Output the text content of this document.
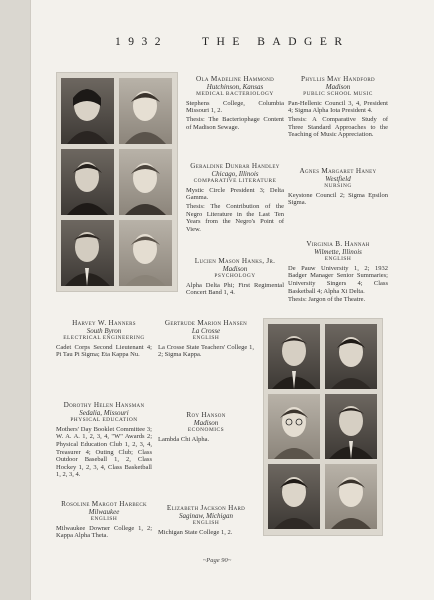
1932	THE BADGER
Ola Madeline Hammond
Hutchinson, Kansas
MEDICAL BACTERIOLOGY
Stephens College, Columbia Missouri 1, 2.
Thesis: The Bacteriophage Content of Madison Sewage.
Phyllis May Handford
Madison
PUBLIC SCHOOL MUSIC
Pan-Hellenic Council 3, 4, President 4; Sigma Alpha Iota President 4.
Thesis: A Comparative Study of Three Standard Approaches to the Teaching of Music Appreciation.
Geraldine Dunbar Handley
Chicago, Illinois
COMPARATIVE LITERATURE
Mystic Circle President 3; Delta Gamma.
Thesis: The Contribution of the Negro Literature in the Last Ten Years from the Negro's Point of View.
Agnes Margaret Haney
Westfield
NURSING
Keystone Council 2; Sigma Epsilon Sigma.
Lucien Mason Hanks, Jr.
Madison
PSYCHOLOGY
Alpha Delta Phi; First Regimental Concert Band 1, 4.
Virginia B. Hannah
Wilmette, Illinois
ENGLISH
De Pauw University 1, 2; 1932 Badger Manager Senior Summaries; University Singers 4; Class Basketball 4; Alpha Xi Delta.
Thesis: Jargon of the Theatre.
Harvey W. Hanners
South Byron
ELECTRICAL ENGINEERING
Cadet Corps Second Lieutenant 4; Pi Tau Pi Sigma; Eta Kappa Nu.
Gertrude Marion Hansen
La Crosse
ENGLISH
La Crosse State Teachers' College 1, 2; Sigma Kappa.
Dorothy Helen Hansman
Sedalia, Missouri
PHYSICAL EDUCATION
Mothers' Day Booklet Committee 3; W. A. A. 1, 2, 3, 4, "W" Awards 2; Physical Education Club 1, 2, 3, 4, Treasurer 4; Outing Club; Class Outdoor Baseball 1, 2, Class Hockey 1, 2, 3, 4, Class Basketball 1, 2, 3, 4.
Roy Hanson
Madison
ECONOMICS
Lambda Chi Alpha.
Rosoline Margot Harbeck
Milwaukee
ENGLISH
Milwaukee Downer College 1, 2; Kappa Alpha Theta.
Elizabeth Jackson Hard
Saginaw, Michigan
ENGLISH
Michigan State College 1, 2.
~Page 90~
